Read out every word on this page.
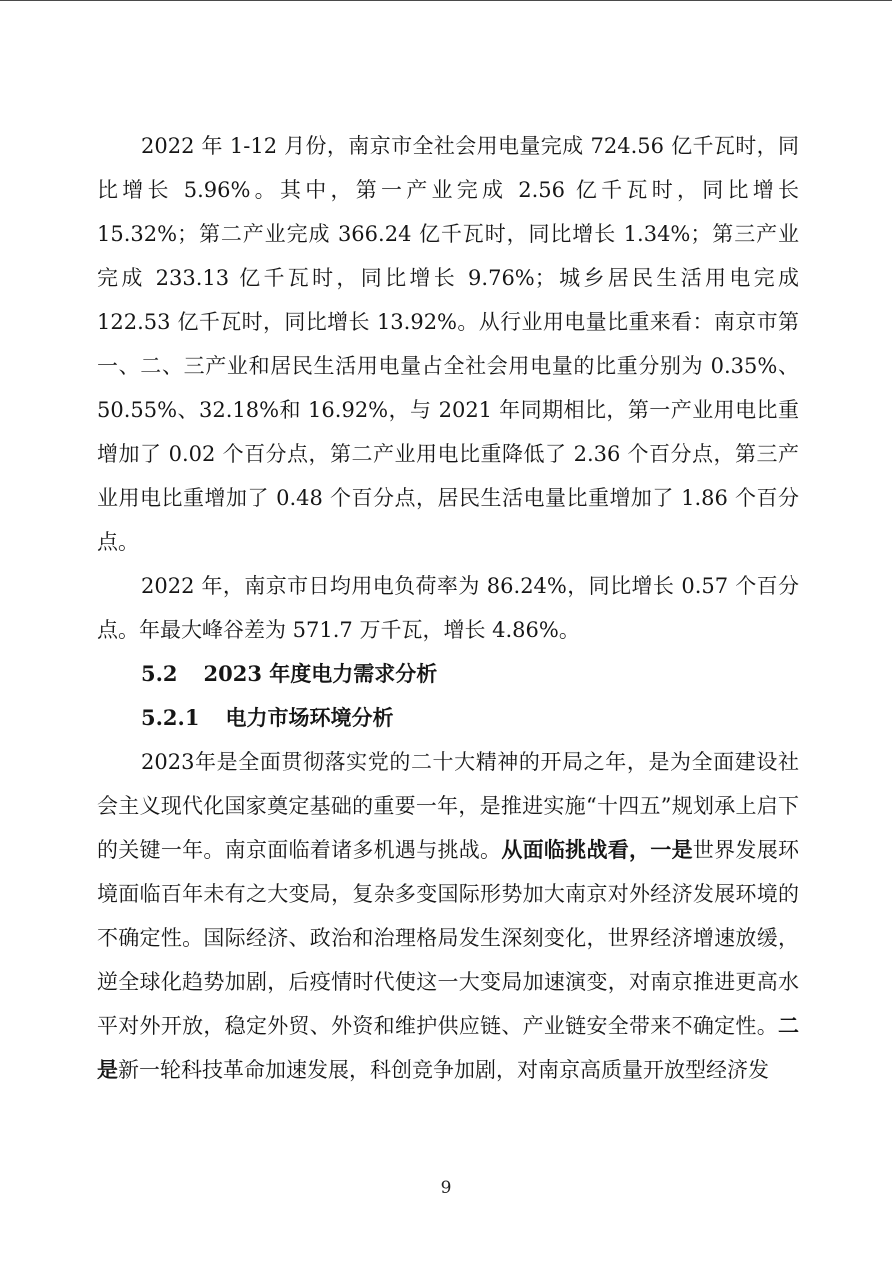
2022 年 1-12 月份，南京市全社会用电量完成 724.56 亿千瓦时，同比增长 5.96%。其中，第一产业完成 2.56 亿千瓦时，同比增长 15.32%；第二产业完成 366.24 亿千瓦时，同比增长 1.34%；第三产业完成 233.13 亿千瓦时，同比增长 9.76%；城乡居民生活用电完成 122.53 亿千瓦时，同比增长 13.92%。从行业用电量比重来看：南京市第一、二、三产业和居民生活用电量占全社会用电量的比重分别为 0.35%、50.55%、32.18%和 16.92%，与 2021 年同期相比，第一产业用电比重增加了 0.02 个百分点，第二产业用电比重降低了 2.36 个百分点，第三产业用电比重增加了 0.48 个百分点，居民生活电量比重增加了 1.86 个百分点。

2022 年，南京市日均用电负荷率为 86.24%，同比增长 0.57 个百分点。年最大峰谷差为 571.7 万千瓦，增长 4.86%。

5.2 2023 年度电力需求分析

5.2.1 电力市场环境分析

2023年是全面贯彻落实党的二十大精神的开局之年，是为全面建设社会主义现代化国家奠定基础的重要一年，是推进实施“十四五”规划承上启下的关键一年。南京面临着诸多机遇与挑战。从面临挑战看，一是世界发展环境面临百年未有之大变局，复杂多变国际形势加大南京对外经济发展环境的不确定性。国际经济、政治和治理格局发生深刻变化，世界经济增速放缓，逆全球化趋势加剧，后疫情时代使这一大变局加速演变，对南京推进更高水平对外开放，稳定外贸、外资和维护供应链、产业链安全带来不确定性。二是新一轮科技革命加速发展，科创竞争加剧，对南京高质量开放型经济发

9
